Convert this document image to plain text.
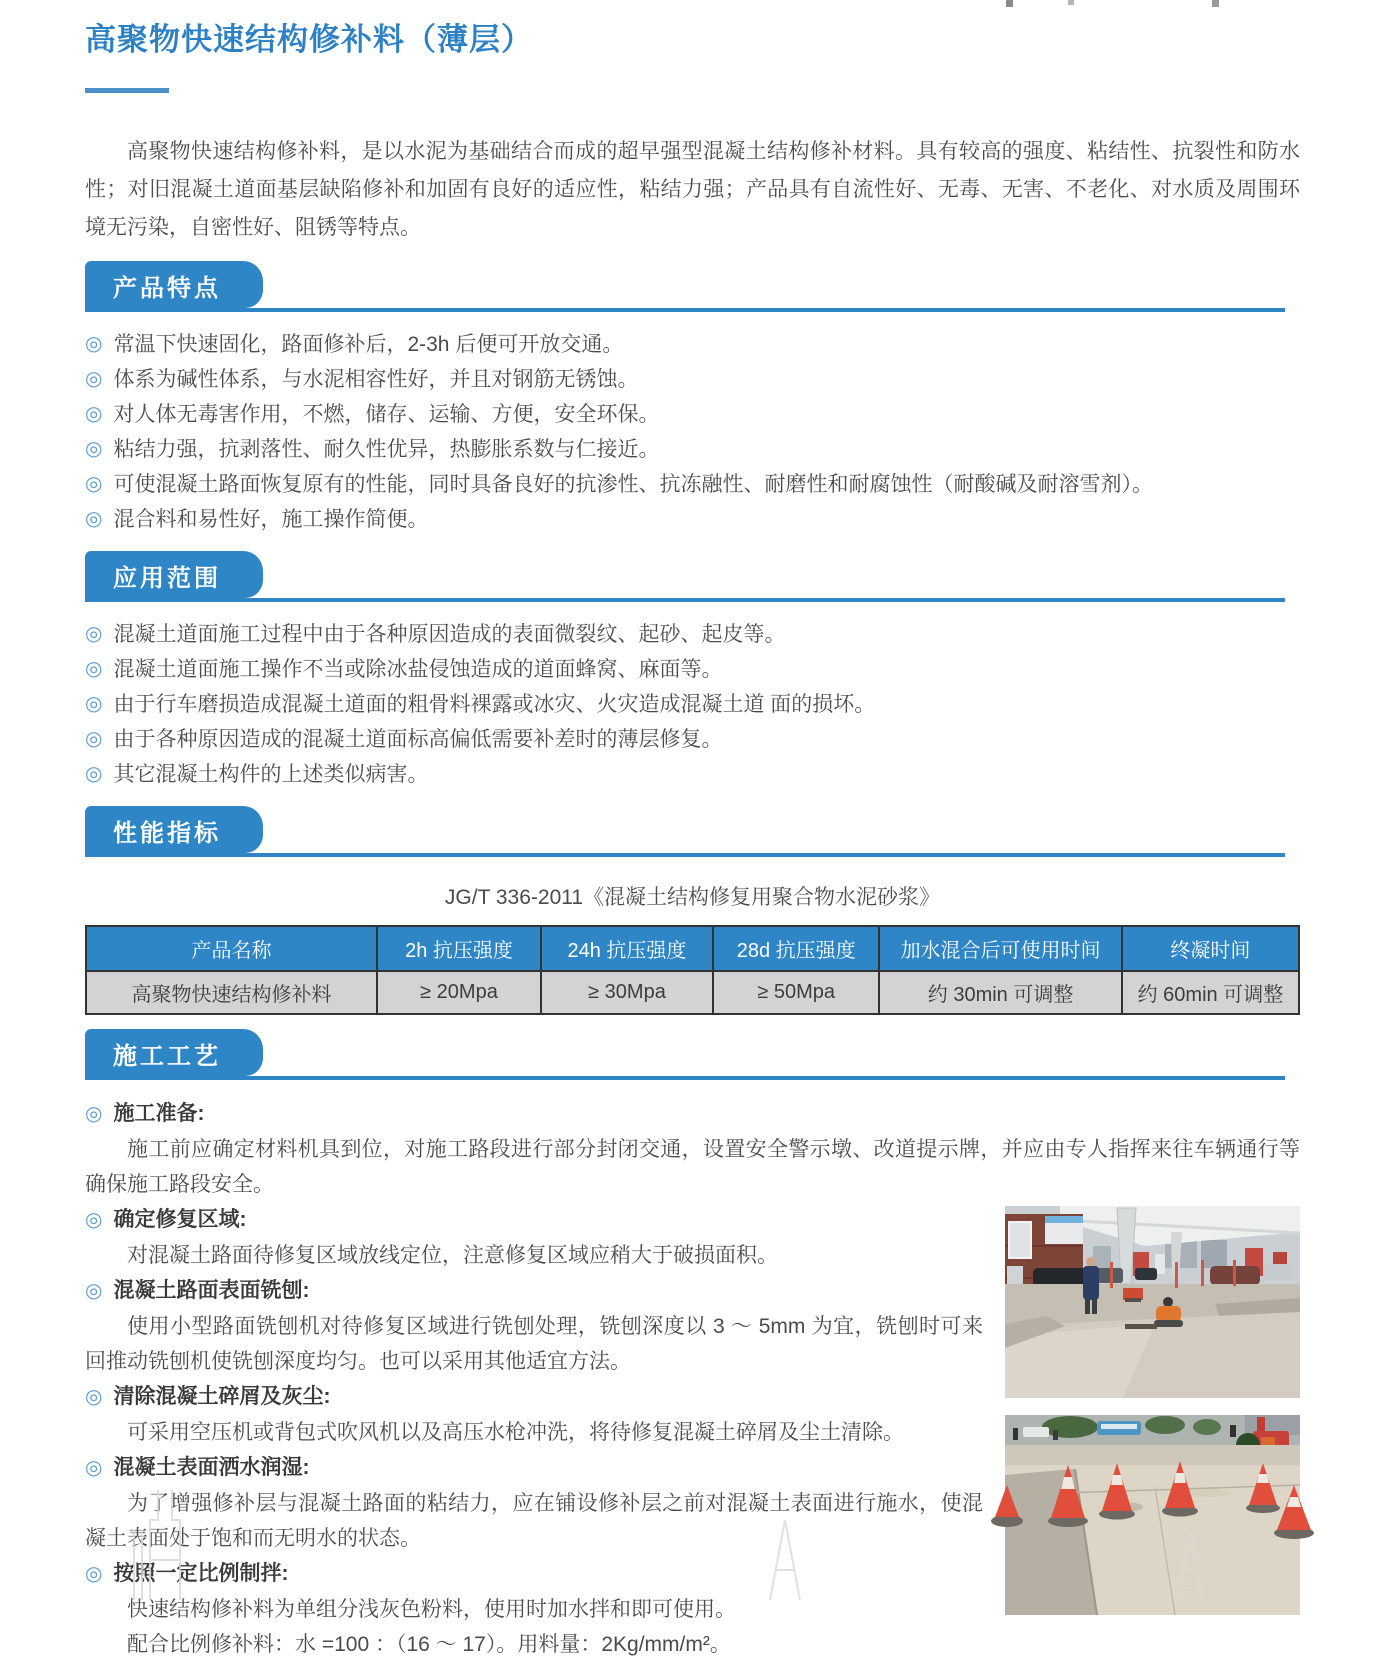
高聚物快速结构修补料（薄层）

高聚物快速结构修补料，是以水泥为基础结合而成的超早强型混凝土结构修补材料。具有较高的强度、粘结性、抗裂性和防水性；对旧混凝土道面基层缺陷修补和加固有良好的适应性，粘结力强；产品具有自流性好、无毒、无害、不老化、对水质及周围环境无污染，自密性好、阻锈等特点。

产品特点
◎ 常温下快速固化，路面修补后，2-3h 后便可开放交通。
◎ 体系为碱性体系，与水泥相容性好，并且对钢筋无锈蚀。
◎ 对人体无毒害作用，不燃，储存、运输、方便，安全环保。
◎ 粘结力强，抗剥落性、耐久性优异，热膨胀系数与仁接近。
◎ 可使混凝土路面恢复原有的性能，同时具备良好的抗渗性、抗冻融性、耐磨性和耐腐蚀性（耐酸碱及耐溶雪剂）。
◎ 混合料和易性好，施工操作简便。
应用范围
◎ 混凝土道面施工过程中由于各种原因造成的表面微裂纹、起砂、起皮等。
◎ 混凝土道面施工操作不当或除冰盐侵蚀造成的道面蜂窝、麻面等。
◎ 由于行车磨损造成混凝土道面的粗骨料裸露或冰灾、火灾造成混凝土道 面的损坏。
◎ 由于各种原因造成的混凝土道面标高偏低需要补差时的薄层修复。
◎ 其它混凝土构件的上述类似病害。
性能指标

JG/T 336-2011《混凝土结构修复用聚合物水泥砂浆》

产品名称	2h 抗压强度	24h 抗压强度	28d 抗压强度	加水混合后可使用时间	终凝时间
高聚物快速结构修补料	≥ 20Mpa	≥ 30Mpa	≥ 50Mpa	约 30min 可调整	约 60min 可调整
施工工艺
◎ 施工准备:

施工前应确定材料机具到位，对施工路段进行部分封闭交通，设置安全警示墩、改道提示牌，并应由专人指挥来往车辆通行等确保施工路段安全。

◎ 确定修复区域:

对混凝土路面待修复区域放线定位，注意修复区域应稍大于破损面积。

◎ 混凝土路面表面铣刨:

使用小型路面铣刨机对待修复区域进行铣刨处理，铣刨深度以 3 ～ 5mm 为宜，铣刨时可来回推动铣刨机使铣刨深度均匀。也可以采用其他适宜方法。

◎ 清除混凝土碎屑及灰尘:

可采用空压机或背包式吹风机以及高压水枪冲洗，将待修复混凝土碎屑及尘土清除。

◎ 混凝土表面洒水润湿:

为了增强修补层与混凝土路面的粘结力，应在铺设修补层之前对混凝土表面进行施水，使混凝土表面处于饱和而无明水的状态。

◎ 按照一定比例制拌:

快速结构修补料为单组分浅灰色粉料，使用时加水拌和即可使用。

配合比例修补料：水 =100 ：（16 ～ 17）。用料量：2Kg/mm/m²。
